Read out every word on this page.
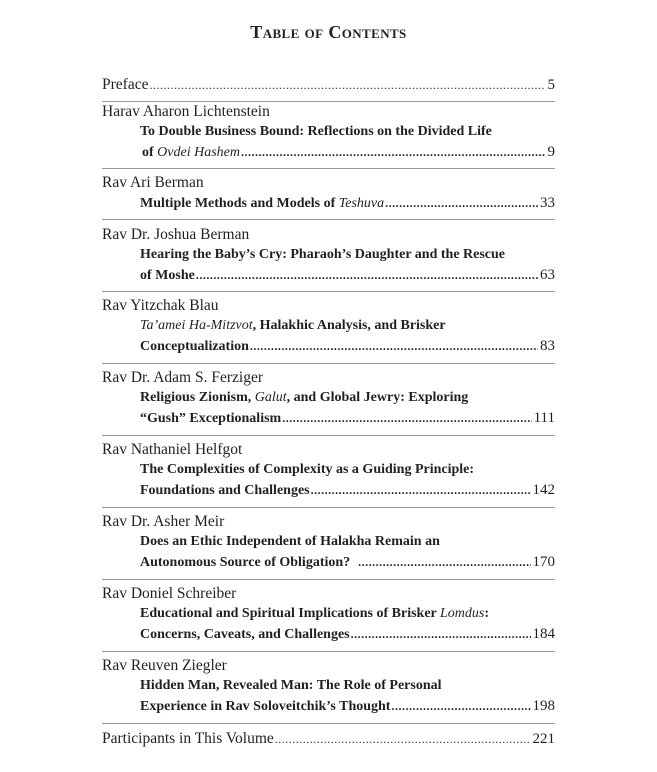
Table of Contents
Preface .....	5
Harav Aharon Lichtenstein
To Double Business Bound: Reflections on the Divided Life
of Ovdei Hashem .....	9
Rav Ari Berman
Multiple Methods and Models of Teshuva .....	33
Rav Dr. Joshua Berman
Hearing the Baby’s Cry: Pharaoh’s Daughter and the Rescue
of Moshe .....	63
Rav Yitzchak Blau
Ta’amei Ha-Mitzvot, Halakhic Analysis, and Brisker
Conceptualization .....	83
Rav Dr. Adam S. Ferziger
Religious Zionism, Galut, and Global Jewry: Exploring
“Gush” Exceptionalism .....	111
Rav Nathaniel Helfgot
The Complexities of Complexity as a Guiding Principle:
Foundations and Challenges .....	142
Rav Dr. Asher Meir
Does an Ethic Independent of Halakha Remain an
Autonomous Source of Obligation? .....	170
Rav Doniel Schreiber
Educational and Spiritual Implications of Brisker Lomdus:
Concerns, Caveats, and Challenges .....	184
Rav Reuven Ziegler
Hidden Man, Revealed Man: The Role of Personal
Experience in Rav Soloveitchik’s Thought .....	198
Participants in This Volume .....	221
